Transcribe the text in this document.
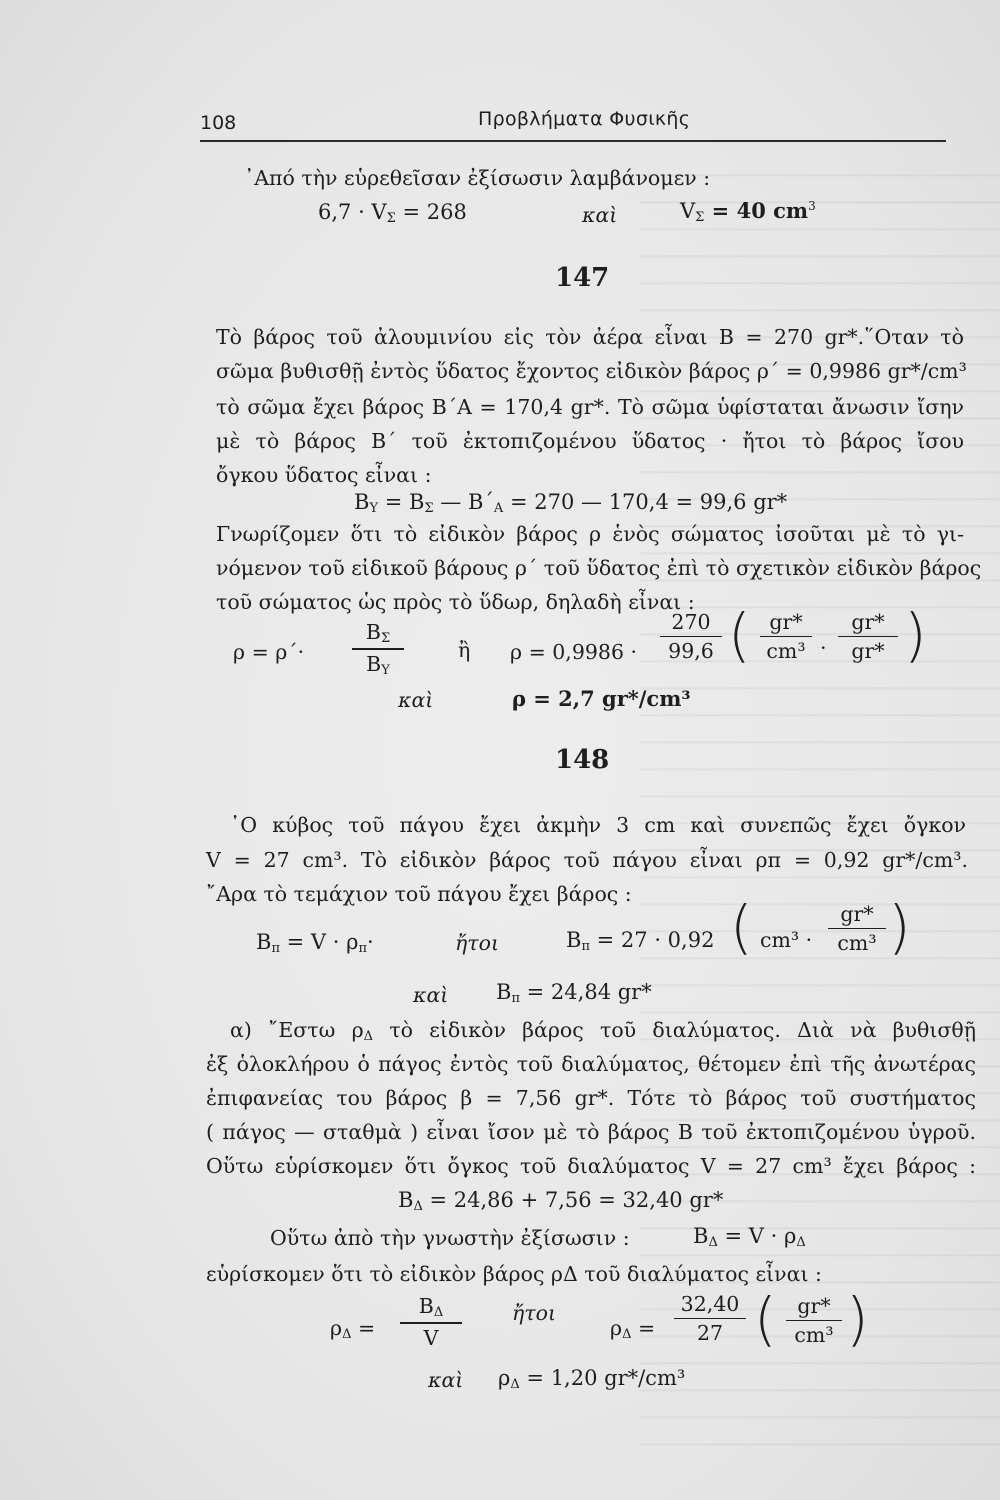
108	Προβλήματα Φυσικῆς
᾽Από τὴν εὑρεθεῖσαν ἐξίσωσιν λαμβάνομεν :
$6,7 \cdot V_\Sigma = 268$	καὶ	$V_\Sigma = 40$ $cm^3$
147
Τὸ βάρος τοῦ ἀλουμινίου εἰς τὸν ἀέρα εἶναι Β = 270 gr*.῞Οταν τὸ
σῶμα βυθισθῇ ἐντὸς ὕδατος ἔχοντος εἰδικὸν βάρος ρ΄ = 0,9986 gr*/cm³
τὸ σῶμα ἔχει βάρος Β΄Α = 170,4 gr*. Τὸ σῶμα ὑφίσταται ἄνωσιν ἴσην
μὲ τὸ βάρος Β΄ τοῦ ἐκτοπιζομένου ὕδατος · ἤτοι τὸ βάρος ἴσου
ὄγκου ὕδατος εἶναι :
$B_\Upsilon = B_\Sigma$ — $B΄_A = 270$ — 170,4 = 99,6 gr*
Γνωρίζομεν ὅτι τὸ εἰδικὸν βάρος ρ ἑνὸς σώματος ἰσοῦται μὲ τὸ γι-
νόμενον τοῦ εἰδικοῦ βάρους ρ΄ τοῦ ὕδατος ἐπὶ τὸ σχετικὸν εἰδικὸν βάρος
τοῦ σώματος ὡς πρὸς τὸ ὕδωρ, δηλαδὴ εἶναι :
ρ = ρ΄·
$B_\Sigma$
$B_\Upsilon$
ἢ ρ = 0,9986 ·
270
99,6 ( gr*
cm³ ·
gr*
gr* )
καὶ	ρ = 2,7 gr*/cm³
148
῾Ο κύβος τοῦ πάγου ἔχει ἀκμὴν 3 cm καὶ συνεπῶς ἔχει ὄγκον
V = 27 cm³. Τὸ εἰδικὸν βάρος τοῦ πάγου εἶναι ρπ = 0,92 gr*/cm³.
῎Αρα τὸ τεμάχιον τοῦ πάγου ἔχει βάρος :
$B_\pi = V \cdot \rho_\pi\cdot$	ἤτοι	$B_\pi = 27 \cdot 0,92$ ( cm³ ·
gr*
cm³ )
καὶ $B_\pi = 24,84$ gr*
α) ῎Εστω $\rho_\Delta$ τὸ εἰδικὸν βάρος τοῦ διαλύματος. Διὰ νὰ βυθισθῇ
ἐξ ὁλοκλήρου ὁ πάγος ἐντὸς τοῦ διαλύματος, θέτομεν ἐπὶ τῆς ἀνωτέρας
ἐπιφανείας του βάρος β = 7,56 gr*. Τότε τὸ βάρος τοῦ συστήματος
( πάγος — σταθμὰ ) εἶναι ἴσον μὲ τὸ βάρος Β τοῦ ἐκτοπιζομένου ὑγροῦ.
Οὕτω εὑρίσκομεν ὅτι ὄγκος τοῦ διαλύματος V = 27 cm³ ἔχει βάρος :
$B_\Delta = 24,86 + 7,56 = 32,40$ gr*
Οὕτω ἀπὸ τὴν γνωστὴν ἐξίσωσιν :	$B_\Delta = V \cdot \rho_\Delta$
εὑρίσκομεν ὅτι τὸ εἰδικὸν βάρος ρΔ τοῦ διαλύματος εἶναι :
$\rho_\Delta$ =
$B_\Delta$
V
ἤτοι
$\rho_\Delta$ =
32,40
27 (	gr*
cm³ )
καὶ $\rho_\Delta = 1,20$ gr*/cm³
